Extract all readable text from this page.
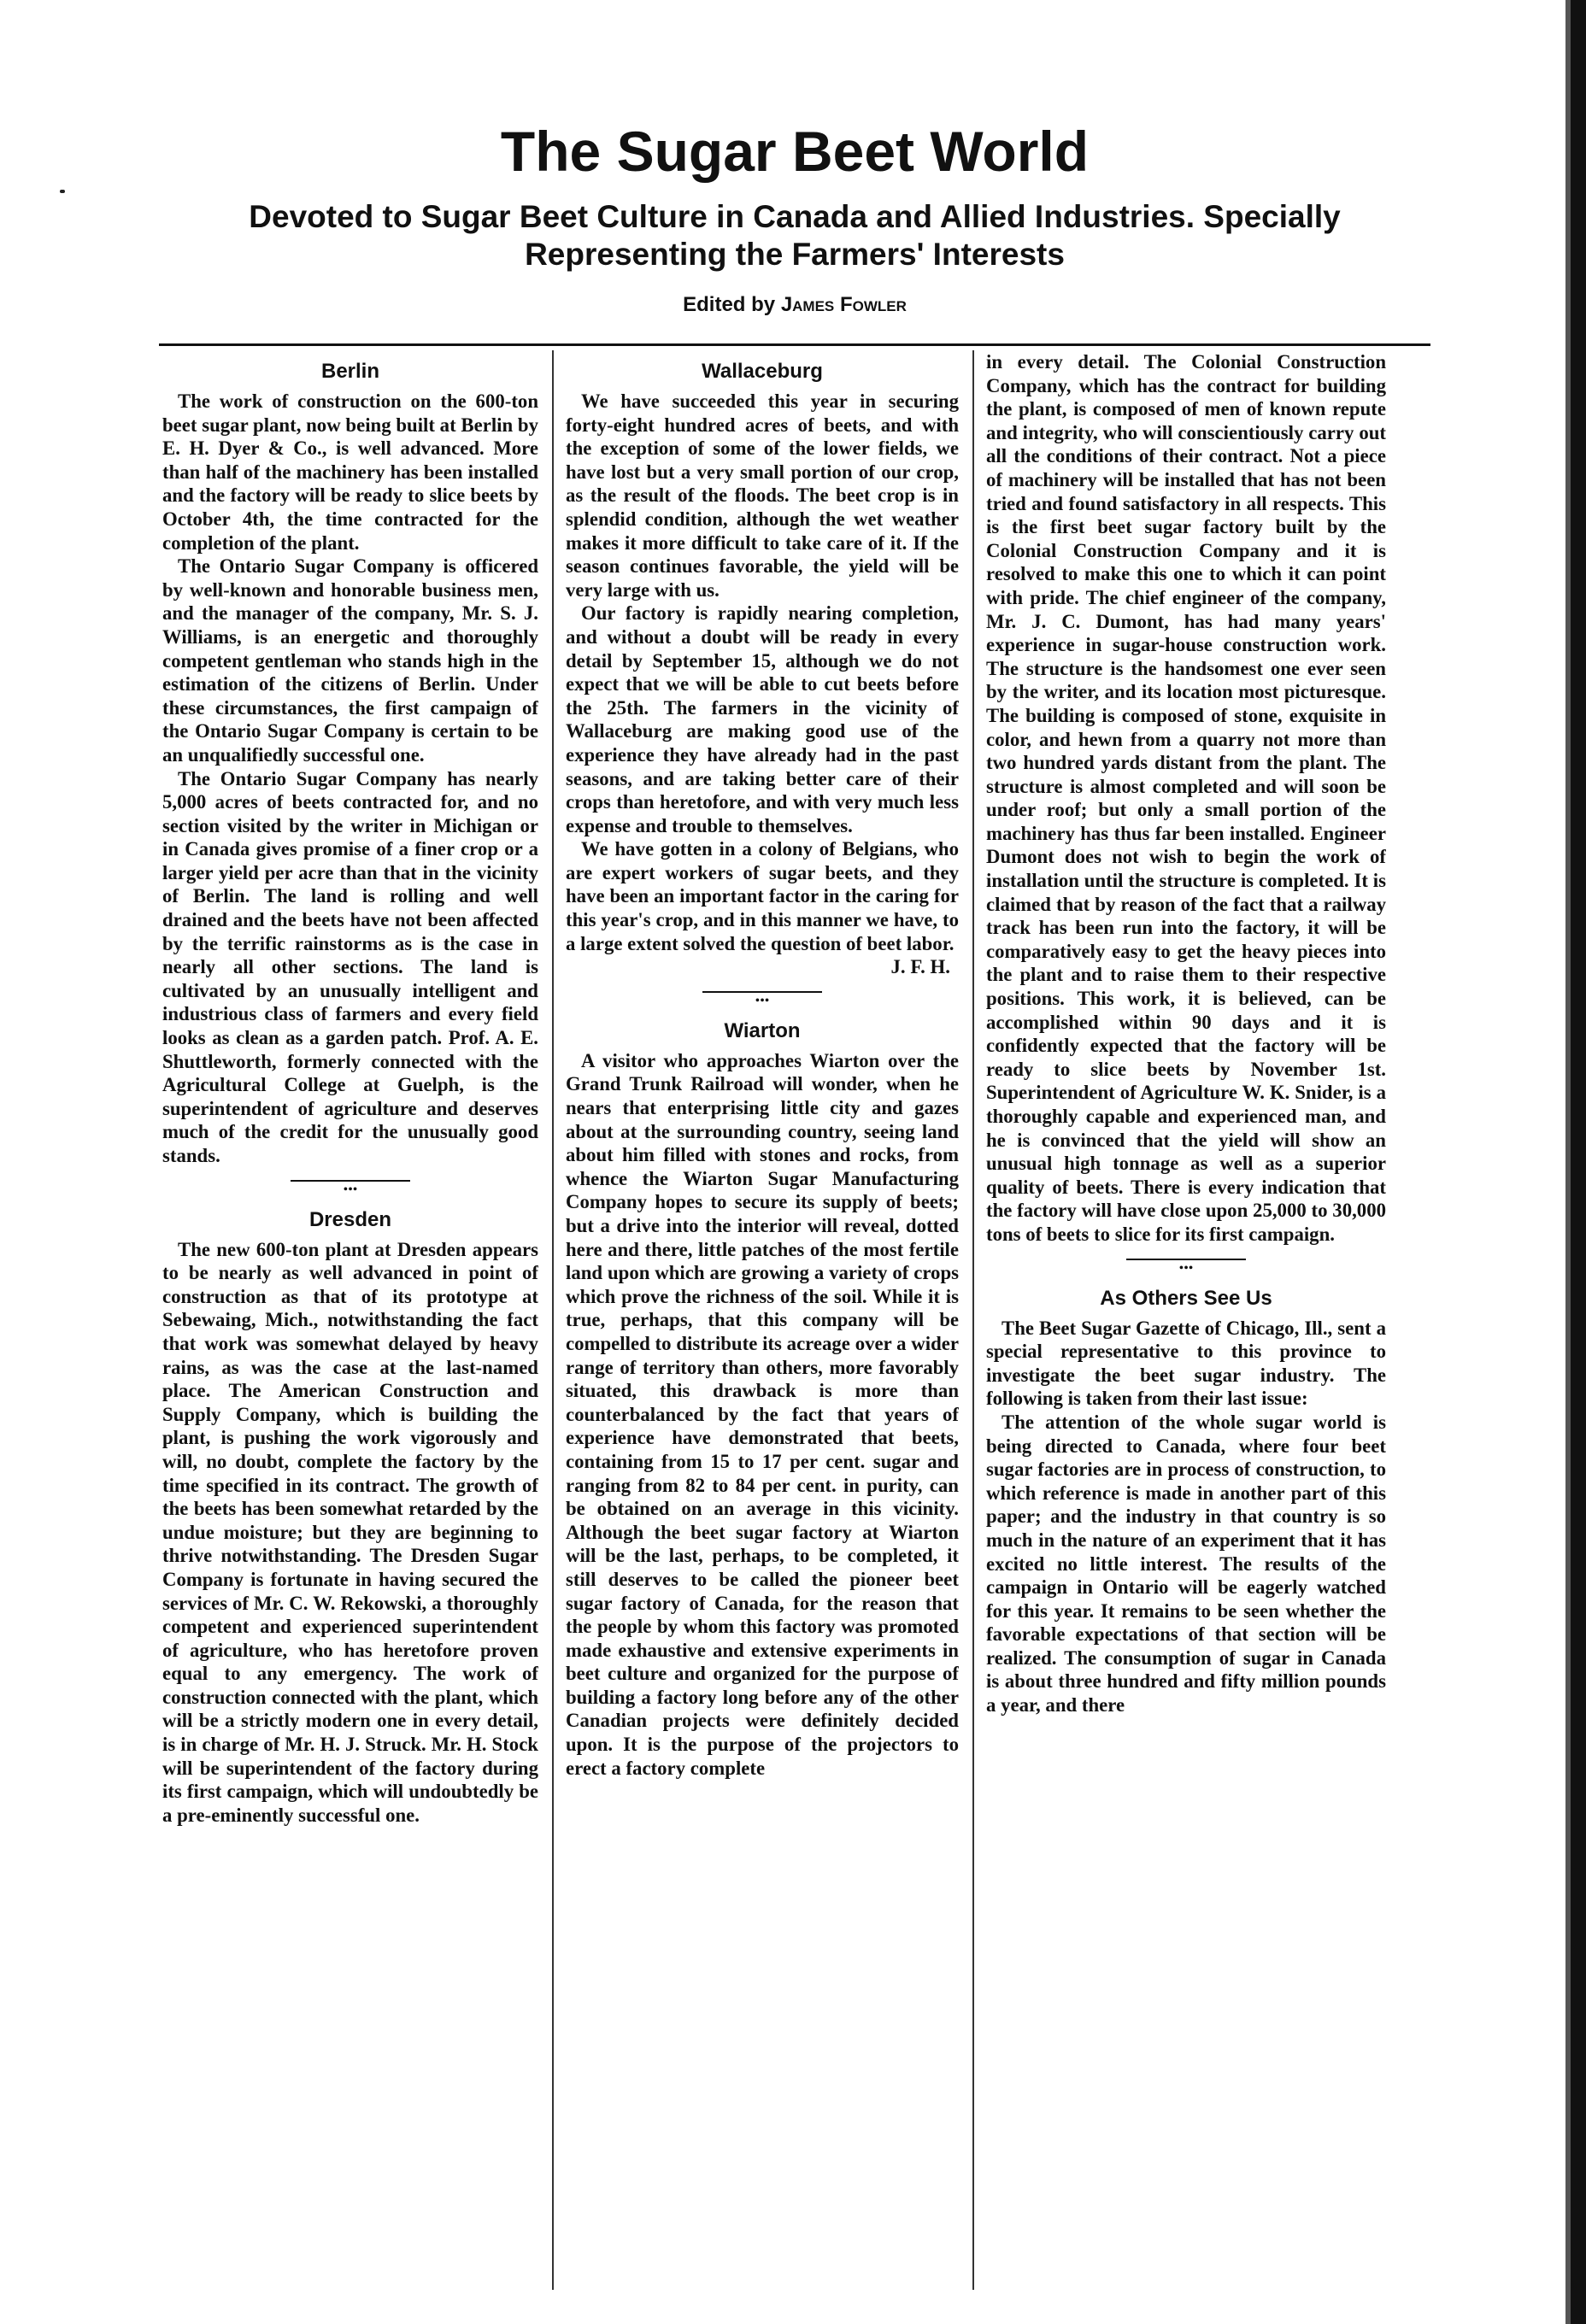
The Sugar Beet World
Devoted to Sugar Beet Culture in Canada and Allied Industries. Specially
Representing the Farmers' Interests
Edited by James Fowler
Berlin

The work of construction on the 600-ton beet sugar plant, now being built at Berlin by E. H. Dyer & Co., is well advanced. More than half of the machinery has been installed and the factory will be ready to slice beets by October 4th, the time contracted for the completion of the plant.

The Ontario Sugar Company is officered by well-known and honorable business men, and the manager of the company, Mr. S. J. Williams, is an energetic and thoroughly competent gentleman who stands high in the estimation of the citizens of Berlin. Under these circumstances, the first campaign of the Ontario Sugar Company is certain to be an unqualifiedly successful one.

The Ontario Sugar Company has nearly 5,000 acres of beets contracted for, and no section visited by the writer in Michigan or in Canada gives promise of a finer crop or a larger yield per acre than that in the vicinity of Berlin. The land is rolling and well drained and the beets have not been affected by the terrific rainstorms as is the case in nearly all other sections. The land is cultivated by an unusually intelligent and industrious class of farmers and every field looks as clean as a garden patch. Prof. A. E. Shuttleworth, formerly connected with the Agricultural College at Guelph, is the superintendent of agriculture and deserves much of the credit for the unusually good stands.

•••
Dresden

The new 600-ton plant at Dresden appears to be nearly as well advanced in point of construction as that of its prototype at Sebewaing, Mich., notwithstanding the fact that work was somewhat delayed by heavy rains, as was the case at the last-named place. The American Construction and Supply Company, which is building the plant, is pushing the work vigorously and will, no doubt, complete the factory by the time specified in its contract. The growth of the beets has been somewhat retarded by the undue moisture; but they are beginning to thrive notwithstanding. The Dresden Sugar Company is fortunate in having secured the services of Mr. C. W. Rekowski, a thoroughly competent and experienced superintendent of agriculture, who has heretofore proven equal to any emergency. The work of construction connected with the plant, which will be a strictly modern one in every detail, is in charge of Mr. H. J. Struck. Mr. H. Stock will be superintendent of the factory during its first campaign, which will undoubtedly be a pre-eminently successful one.

Wallaceburg

We have succeeded this year in securing forty-eight hundred acres of beets, and with the exception of some of the lower fields, we have lost but a very small portion of our crop, as the result of the floods. The beet crop is in splendid condition, although the wet weather makes it more difficult to take care of it. If the season continues favorable, the yield will be very large with us.

Our factory is rapidly nearing completion, and without a doubt will be ready in every detail by September 15, although we do not expect that we will be able to cut beets before the 25th. The farmers in the vicinity of Wallaceburg are making good use of the experience they have already had in the past seasons, and are taking better care of their crops than heretofore, and with very much less expense and trouble to themselves.

We have gotten in a colony of Belgians, who are expert workers of sugar beets, and they have been an important factor in the caring for this year's crop, and in this manner we have, to a large extent solved the question of beet labor.

J. F. H.

•••
Wiarton

A visitor who approaches Wiarton over the Grand Trunk Railroad will wonder, when he nears that enterprising little city and gazes about at the surrounding country, seeing land about him filled with stones and rocks, from whence the Wiarton Sugar Manufacturing Company hopes to secure its supply of beets; but a drive into the interior will reveal, dotted here and there, little patches of the most fertile land upon which are growing a variety of crops which prove the richness of the soil. While it is true, perhaps, that this company will be compelled to distribute its acreage over a wider range of territory than others, more favorably situated, this drawback is more than counterbalanced by the fact that years of experience have demonstrated that beets, containing from 15 to 17 per cent. sugar and ranging from 82 to 84 per cent. in purity, can be obtained on an average in this vicinity. Although the beet sugar factory at Wiarton will be the last, perhaps, to be completed, it still deserves to be called the pioneer beet sugar factory of Canada, for the reason that the people by whom this factory was promoted made exhaustive and extensive experiments in beet culture and organized for the purpose of building a factory long before any of the other Canadian projects were definitely decided upon. It is the purpose of the projectors to erect a factory complete

in every detail. The Colonial Construction Company, which has the contract for building the plant, is composed of men of known repute and integrity, who will conscientiously carry out all the conditions of their contract. Not a piece of machinery will be installed that has not been tried and found satisfactory in all respects. This is the first beet sugar factory built by the Colonial Construction Company and it is resolved to make this one to which it can point with pride. The chief engineer of the company, Mr. J. C. Dumont, has had many years' experience in sugar-house construction work. The structure is the handsomest one ever seen by the writer, and its location most picturesque. The building is composed of stone, exquisite in color, and hewn from a quarry not more than two hundred yards distant from the plant. The structure is almost completed and will soon be under roof; but only a small portion of the machinery has thus far been installed. Engineer Dumont does not wish to begin the work of installation until the structure is completed. It is claimed that by reason of the fact that a railway track has been run into the factory, it will be comparatively easy to get the heavy pieces into the plant and to raise them to their respective positions. This work, it is believed, can be accomplished within 90 days and it is confidently expected that the factory will be ready to slice beets by November 1st. Superintendent of Agriculture W. K. Snider, is a thoroughly capable and experienced man, and he is convinced that the yield will show an unusual high tonnage as well as a superior quality of beets. There is every indication that the factory will have close upon 25,000 to 30,000 tons of beets to slice for its first campaign.

•••
As Others See Us

The Beet Sugar Gazette of Chicago, Ill., sent a special representative to this province to investigate the beet sugar industry. The following is taken from their last issue:

The attention of the whole sugar world is being directed to Canada, where four beet sugar factories are in process of construction, to which reference is made in another part of this paper; and the industry in that country is so much in the nature of an experiment that it has excited no little interest. The results of the campaign in Ontario will be eagerly watched for this year. It remains to be seen whether the favorable expectations of that section will be realized. The consumption of sugar in Canada is about three hundred and fifty million pounds a year, and there
